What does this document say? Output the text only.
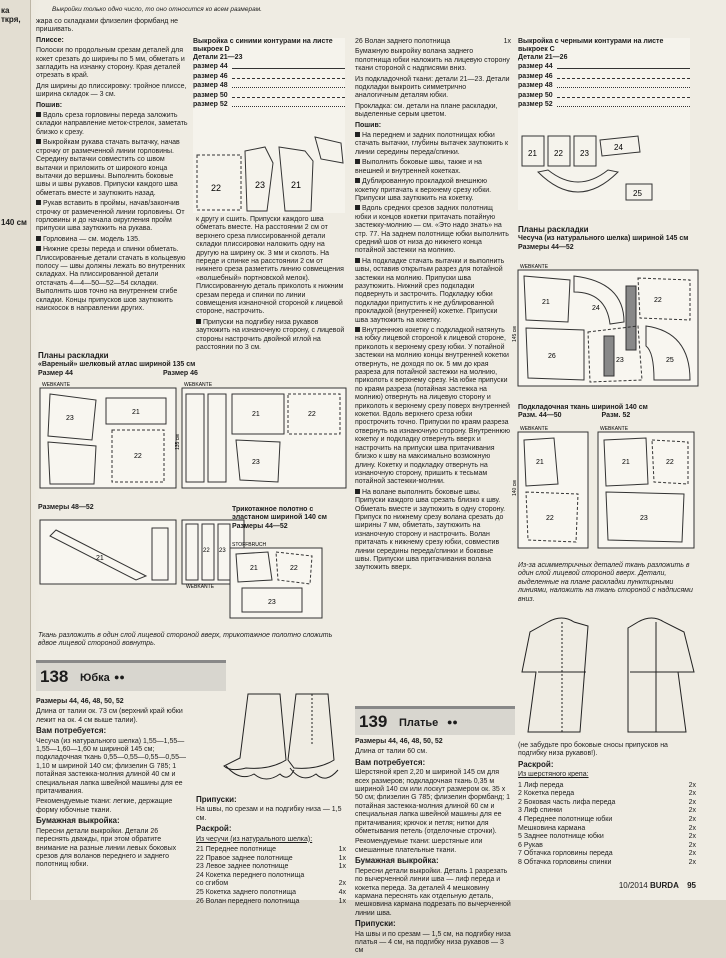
ка ткря,
140 см
Выкройки только одно число, то оно относится ко всем размерам.

жара со складками флизелин формбанд не пришивать.

Плиссе:

Полоски по продольным срезам деталей для кокет срезать до ширины по 5 мм, обметать и загладить на изнанку сторону. Края деталей отрезать в край.

Для ширины до плиссировку: тройное плиссе, ширина складок — 3 см.

Пошив:

Вдоль среза горловины переда заложить складки направление меток-стрелок, заметать близко к срезу.

Выкройкам рукава стачать вытачку, начав строчку от размеченной линии горловины. Середину вытачки совместить со швом вытачки и приложить от широкого конца вытачки до вершины. Выполнить боковые швы и швы рукавов. Припуски каждого шва обметать вместе и заутюжить назад.

Рукав вставить в проймы, начав/закончив строчку от размеченной линии горловины. От горловины и до начала округления пройм припуски шва заутюжить на рукава.

Горловина — см. модель 135.

Нижние срезы переда и спинки обметать. Плиссированные детали стачать в кольцевую полосу — швы должны лежать во внутренних складках. На плиссированной детали отстачать 4—4—50—52—54 складки. Выполнить шов точно на внутреннем сгибе складки. Концы припусков шов заутюжить наискосок в направлении других.

Выкройка с синими контурами на листе выкроек D
Детали 21—23
размер 44
размер 46
размер 48
размер 50
размер 52
22	23	21

к другу и сшить. Припуски каждого шва обметать вместе. На расстоянии 2 см от верхнего среза плиссированной детали складки плиссировки наложить одну на другую на ширину ок. 3 мм и сколоть. На переде и спинке на расстоянии 2 см от нижнего среза разметить линию совмещения «волшебный» портновской мелок). Плиссированную деталь приколоть к нижним срезам переда и спинки по линии совмещения изнаночной стороной к лицевой стороне, настрочить.

Припуски на подгибку низа рукавов заутюжить на изнаночную сторону, с лицевой стороны настрочить двойной иглой на расстоянии по 3 см.

26 Волан заднего полотнища	1x

Бумажную выкройку волана заднего полотнища юбки наложить на лицевую сторону ткани стороной с надписями вниз.

Из подкладочной ткани: детали 21—23. Детали подкладки выкроить симметрично аналогичным деталям юбки.

Прокладка: см. детали на плане раскладки, выделенные серым цветом.

Пошив:

На переднем и задних полотнищах юбки стачать вытачки, глубины вытачек заутюжить к линии середины переда/спинки.

Выполнить боковые швы, также и на внешней и внутренней кокетках.

Дублированную прокладкой внешнюю кокетку притачать к верхнему срезу юбки. Припуски шва заутюжить на кокетку.

Вдоль средних срезов задних полотнищ юбки и концов кокетки притачать потайную застежку-молнию — см. «Это надо знать» на стр. 77. На заднем полотнище юбки выполнить средний шов от низа до нижнего конца потайной застежки на молнию.

На подкладке стачать вытачки и выполнить швы, оставив открытым разрез для потайной застежки на молнию. Припуски шва разутюжить. Нижний срез подкладки подвернуть и застрочить. Подкладку юбки подкладки припустить к не дублированной прокладкой (внутренней) кокетке. Припуски шва заутюжить на кокетку.

Внутреннюю кокетку с подкладкой натянуть на юбку лицевой стороной к лицевой стороне, приколоть к верхнему срезу юбки. У потайной застежки на молнию концы внутренней кокетки отвернуть, не доходя по ок. 5 мм до края разреза для потайной застежки на молнию, приколоть к верхнему срезу. На юбке припуски по краям разреза (потайная застежка на молнию) отвернуть на лицевую сторону и приколоть к верхнему срезу поверх внутренней кокетки. Вдоль верхнего среза юбки прострочить точно. Припуски по краям разреза отвернуть на изнаночную сторону. Внутреннюю кокетку и подкладку отвернуть вверх и настрочить на припуски шва притачивания близко к шву на максимально возможную длину. Кокетку и подкладку отвернуть на изнаночную сторону, пришить к тесьмам потайной застежки-молнии.

На волане выполнить боковые швы. Припуски каждого шва срезать близко к шву. Обметать вместе и заутюжить в одну сторону. Припуск по нижнему срезу волана срезать до ширины 7 мм, обметать, заутюжить на изнаночную сторону и настрочить. Волан притачать к нижнему срезу юбки, совместив линии середины переда/спинки и боковые швы. Припуски шва притачивания волана заутюжить вверх.

Выкройка с черными контурами на листе выкроек C
Детали 21—26
размер 44
размер 46
размер 48
размер 50
размер 52
21 22 23
24
25
Планы раскладки
«Вареный» шелковый атлас шириной 135 см
Размер 44	Размер 46
WEBKANTE
21
22
23
WEBKANTE
21	22
23
135 см
21
WEBKANTE
22 23
Размеры 48—52	Трикотажное полотно с эластаном шириной 140 см
Размеры 44—52
STOFFBRUCH
21	22
23
Ткань разложить в один слой лицевой стороной вверх, трикотажное полотно сложить вдвое лицевой стороной вовнутрь.
138 Юбка ●●

Размеры 44, 46, 48, 50, 52

Длина от талии ок. 73 см (верхний край юбки лежит на ок. 4 см выше талии).

Вам потребуется:

Чесуча (из натурального шелка) 1,55—1,55—1,55—1,60—1,60 м шириной 145 см; подкладочная ткань 0,55—0,55—0,55—0,55—1,10 м шириной 140 см; флизелин G 785; 1 потайная застежка-молния длиной 40 см и специальная лапка швейной машины для ее притачивания.

Рекомендуемые ткани: легкие, держащие форму юбочные ткани.

Бумажная выкройка:

Пересни детали выкройки. Детали 26 переснять дважды, при этом обратите внимание на разные линии левых боковых срезов для воланов переднего и заднего полотнищ юбки.

Припуски:

На швы, по срезам и на подгибку низа — 1,5 см.

Раскрой:

Из чесучи (из натурального шелка):

21 Переднее полотнище	1x
22 Правое заднее полотнище	1x
23 Левое заднее полотнище	1x
24 Кокетка переднего полотнища
со сгибом	2x
25 Кокетка заднего полотнища	4x
26 Волан переднего полотнища	1x
139 Платье ●●

Размеры 44, 46, 48, 50, 52

Длина от талии 60 см.

Вам потребуется:

Шерстяной креп 2,20 м шириной 145 см для всех размеров; подкладочная ткань 0,35 м шириной 140 см или лоскут размером ок. 35 x 50 см; флизелин G 785; флизелин формбанд; 1 потайная застежка-молния длиной 60 см и специальная лапка швейной машины для ее притачивания; крючок и петля; нитки для обметывания петель (отделочные строчки).

Рекомендуемые ткани: шерстяные или смешанные плательные ткани.

Бумажная выкройка:

Пересни детали выкройки. Деталь 1 разрезать по вычерченной линии шва — лиф переда и кокетка переда. За деталей 4 мешковину кармана переснять как отдельную деталь, мешковина кармана подрезать по вычерченной линии шва.

Припуски:

На швы и по срезам — 1,5 см, на подгибку низа платья — 4 см, на подгибку низа рукавов — 3 см

Планы раскладки
Чесуча (из натурального шелка) шириной 145 см
Размеры 44—52
WEBKANTE
21	22
24
26
23	25
145 см
Подкладочная ткань шириной 140 см
Разм. 44—50	Разм. 52
WEBKANTE
21
22
WEBKANTE
21	22
23
140 см
Из-за асимметричных деталей ткань разложить в один слой лицевой стороной вверх. Детали, выделенные на плане раскладки пунктирными линиями, наложить на ткань стороной с надписями вниз.

(не забудьте про боковые сносы припусков на подгибку низа рукавов!).

Раскрой:

Из шерстяного крепа:

1 Лиф переда	2x
2 Кокетка переда	2x
2 Боковая часть лифа переда	2x
3 Лиф спинки	2x
4 Переднее полотнище юбки	2x
Мешковина кармана	2x
5 Заднее полотнище юбки	2x
6 Рукав	2x
7 Обтачка горловины переда	2x
8 Обтачка горловины спинки	2x
10/2014 BURDA 95
